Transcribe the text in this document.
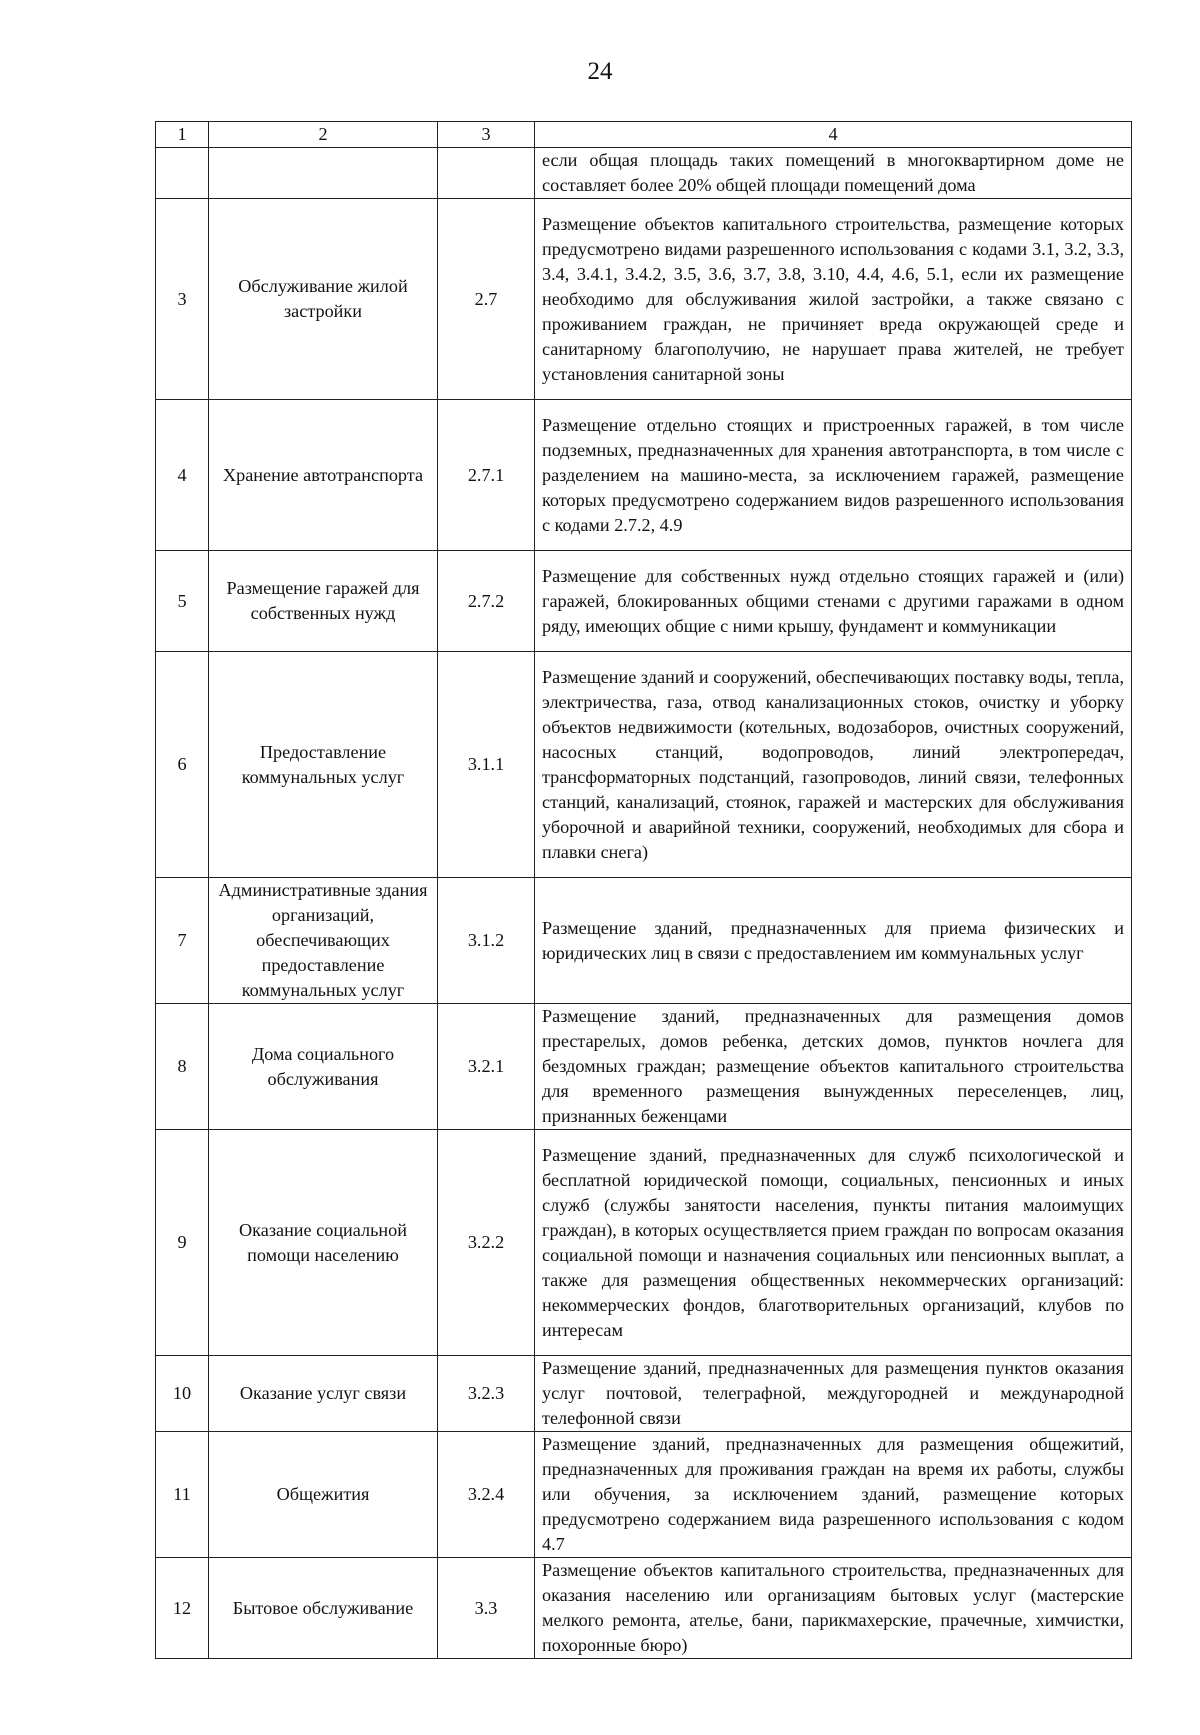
24
1	2	3	4
			если общая площадь таких помещений в многоквартирном доме не составляет более 20% общей площади помещений дома
3	Обслуживание жилой застройки	2.7	Размещение объектов капитального строительства, размещение которых предусмотрено видами разрешенного использования с кодами 3.1, 3.2, 3.3, 3.4, 3.4.1, 3.4.2, 3.5, 3.6, 3.7, 3.8, 3.10, 4.4, 4.6, 5.1, если их размещение необходимо для обслуживания жилой застройки, а также связано с проживанием граждан, не причиняет вреда окружающей среде и санитарному благополучию, не нарушает права жителей, не требует установления санитарной зоны
4	Хранение автотранспорта	2.7.1	Размещение отдельно стоящих и пристроенных гаражей, в том числе подземных, предназначенных для хранения автотранспорта, в том числе с разделением на машино-места, за исключением гаражей, размещение которых предусмотрено содержанием видов разрешенного использования с кодами 2.7.2, 4.9
5	Размещение гаражей для собственных нужд	2.7.2	Размещение для собственных нужд отдельно стоящих гаражей и (или) гаражей, блокированных общими стенами с другими гаражами в одном ряду, имеющих общие с ними крышу, фундамент и коммуникации
6	Предоставление коммунальных услуг	3.1.1	Размещение зданий и сооружений, обеспечивающих поставку воды, тепла, электричества, газа, отвод канализационных стоков, очистку и уборку объектов недвижимости (котельных, водозаборов, очистных сооружений, насосных станций, водопроводов, линий электропередач, трансформаторных подстанций, газопроводов, линий связи, телефонных станций, канализаций, стоянок, гаражей и мастерских для обслуживания уборочной и аварийной техники, сооружений, необходимых для сбора и плавки снега)
7	Административные здания организаций, обеспечивающих предоставление коммунальных услуг	3.1.2	Размещение зданий, предназначенных для приема физических и юридических лиц в связи с предоставлением им коммунальных услуг
8	Дома социального обслуживания	3.2.1	Размещение зданий, предназначенных для размещения домов престарелых, домов ребенка, детских домов, пунктов ночлега для бездомных граждан; размещение объектов капитального строительства для временного размещения вынужденных переселенцев, лиц, признанных беженцами
9	Оказание социальной помощи населению	3.2.2	Размещение зданий, предназначенных для служб психологической и бесплатной юридической помощи, социальных, пенсионных и иных служб (службы занятости населения, пункты питания малоимущих граждан), в которых осуществляется прием граждан по вопросам оказания социальной помощи и назначения социальных или пенсионных выплат, а также для размещения общественных некоммерческих организаций: некоммерческих фондов, благотворительных организаций, клубов по интересам
10	Оказание услуг связи	3.2.3	Размещение зданий, предназначенных для размещения пунктов оказания услуг почтовой, телеграфной, междугородней и международной телефонной связи
11	Общежития	3.2.4	Размещение зданий, предназначенных для размещения общежитий, предназначенных для проживания граждан на время их работы, службы или обучения, за исключением зданий, размещение которых предусмотрено содержанием вида разрешенного использования с кодом 4.7
12	Бытовое обслуживание	3.3	Размещение объектов капитального строительства, предназначенных для оказания населению или организациям бытовых услуг (мастерские мелкого ремонта, ателье, бани, парикмахерские, прачечные, химчистки, похоронные бюро)
